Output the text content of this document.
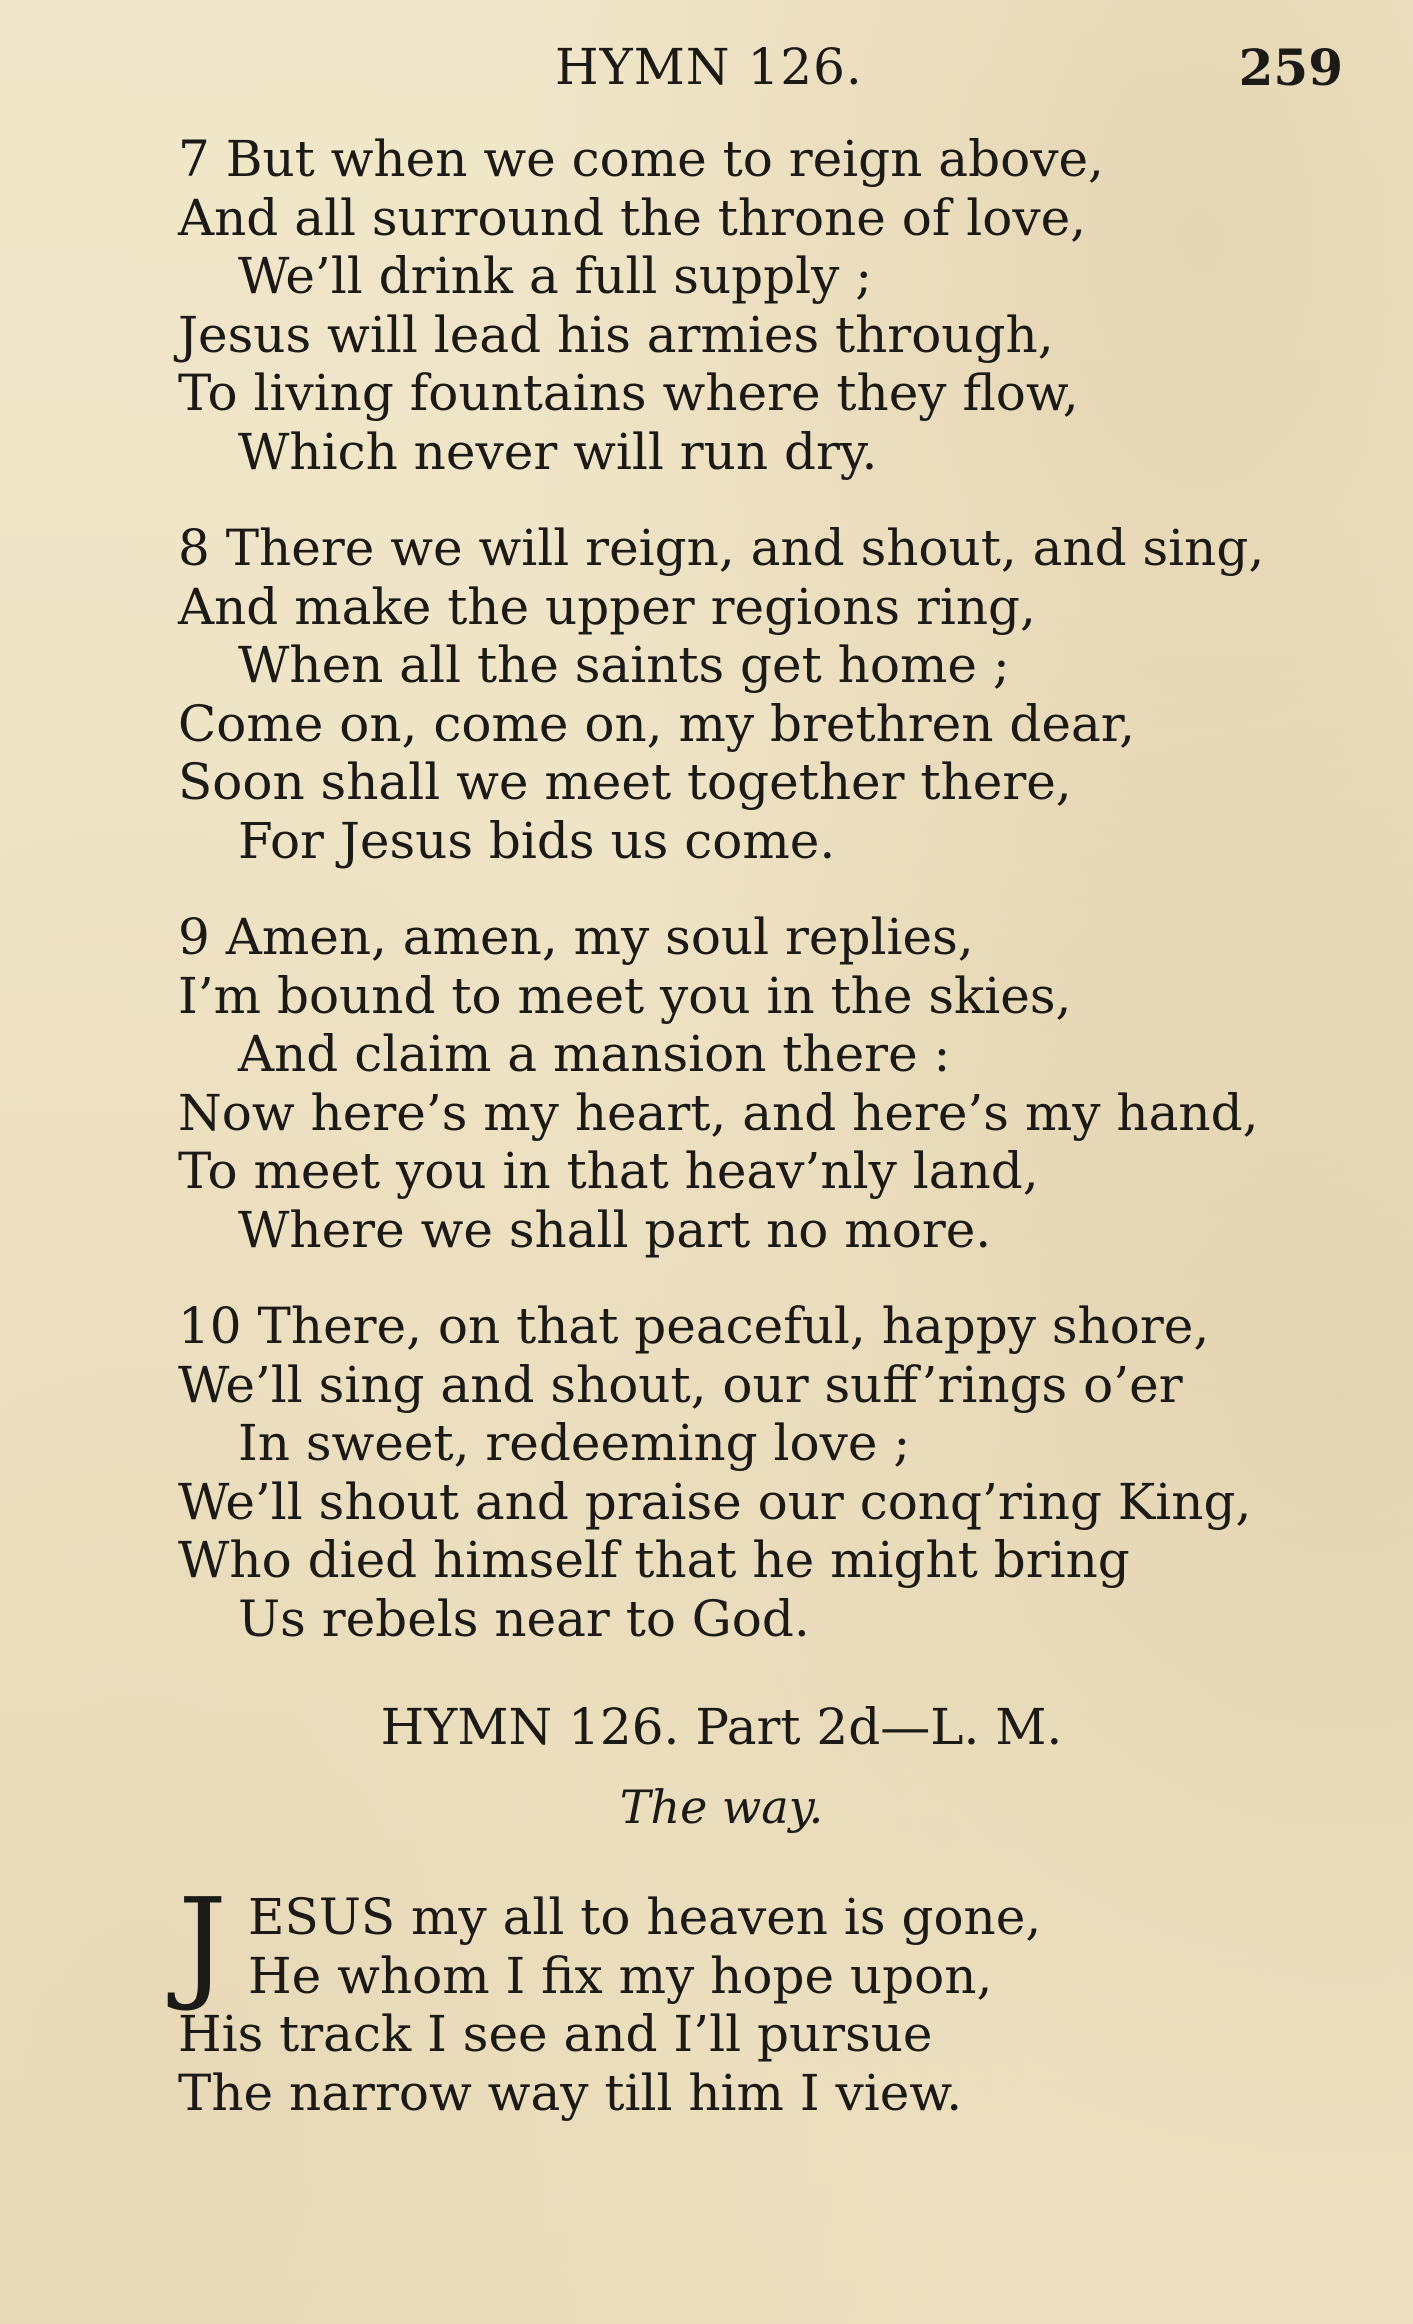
HYMN 126.	259
7 But when we come to reign above,
And all surround the throne of love,
We’ll drink a full supply ;
Jesus will lead his armies through,
To living fountains where they flow,
Which never will run dry.
8 There we will reign, and shout, and sing,
And make the upper regions ring,
When all the saints get home ;
Come on, come on, my brethren dear,
Soon shall we meet together there,
For Jesus bids us come.
9 Amen, amen, my soul replies,
I’m bound to meet you in the skies,
And claim a mansion there :
Now here’s my heart, and here’s my hand,
To meet you in that heav’nly land,
Where we shall part no more.
10 There, on that peaceful, happy shore,
We’ll sing and shout, our suff’rings o’er
In sweet, redeeming love ;
We’ll shout and praise our conq’ring King,
Who died himself that he might bring
Us rebels near to God.
HYMN 126. Part 2d—L. M.
The way.
J ESUS my all to heaven is gone,
He whom I fix my hope upon,
His track I see and I’ll pursue
The narrow way till him I view.
